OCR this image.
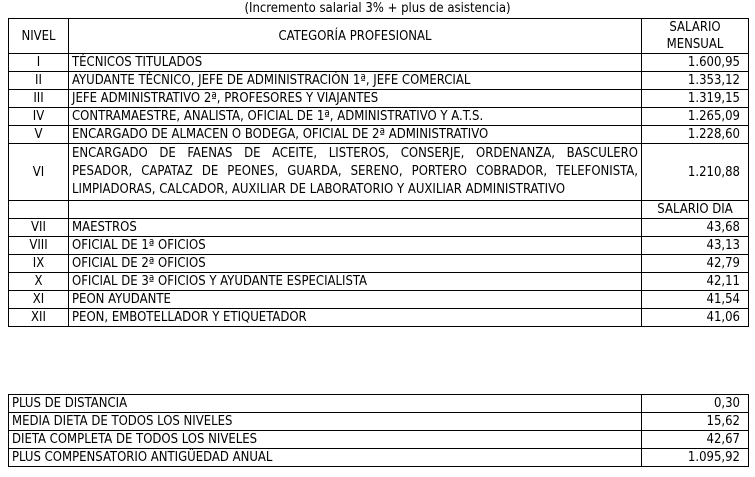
(Incremento salarial 3% + plus de asistencia)
NIVEL	CATEGORÍA PROFESIONAL	SALARIO
MENSUAL

I	TÉCNICOS TITULADOS	1.600,95
II	AYUDANTE TÉCNICO, JEFE DE ADMINISTRACIÓN 1ª, JEFE COMERCIAL	1.353,12
III	JEFE ADMINISTRATIVO 2ª, PROFESORES Y VIAJANTES	1.319,15
IV	CONTRAMAESTRE, ANALISTA, OFICIAL DE 1ª, ADMINISTRATIVO Y A.T.S.	1.265,09
V	ENCARGADO DE ALMACEN O BODEGA, OFICIAL DE 2ª ADMINISTRATIVO	1.228,60
VI	ENCARGADO DE FAENAS DE ACEITE, LISTEROS, CONSERJE, ORDENANZA, BASCULERO PESADOR, CAPATAZ DE PEONES, GUARDA, SERENO, PORTERO COBRADOR, TELEFONISTA, LIMPIADORAS, CALCADOR, AUXILIAR DE LABORATORIO Y AUXILIAR ADMINISTRATIVO	1.210,88
		SALARIO DIA
VII	MAESTROS	43,68
VIII	OFICIAL DE 1ª OFICIOS	43,13
IX	OFICIAL DE 2ª OFICIOS	42,79
X	OFICIAL DE 3ª OFICIOS Y AYUDANTE ESPECIALISTA	42,11
XI	PEON AYUDANTE	41,54
XII	PEON, EMBOTELLADOR Y ETIQUETADOR	41,06
PLUS DE DISTANCIA	0,30
MEDIA DIETA DE TODOS LOS NIVELES	15,62
DIETA COMPLETA DE TODOS LOS NIVELES	42,67
PLUS COMPENSATORIO ANTIGÜEDAD ANUAL	1.095,92
